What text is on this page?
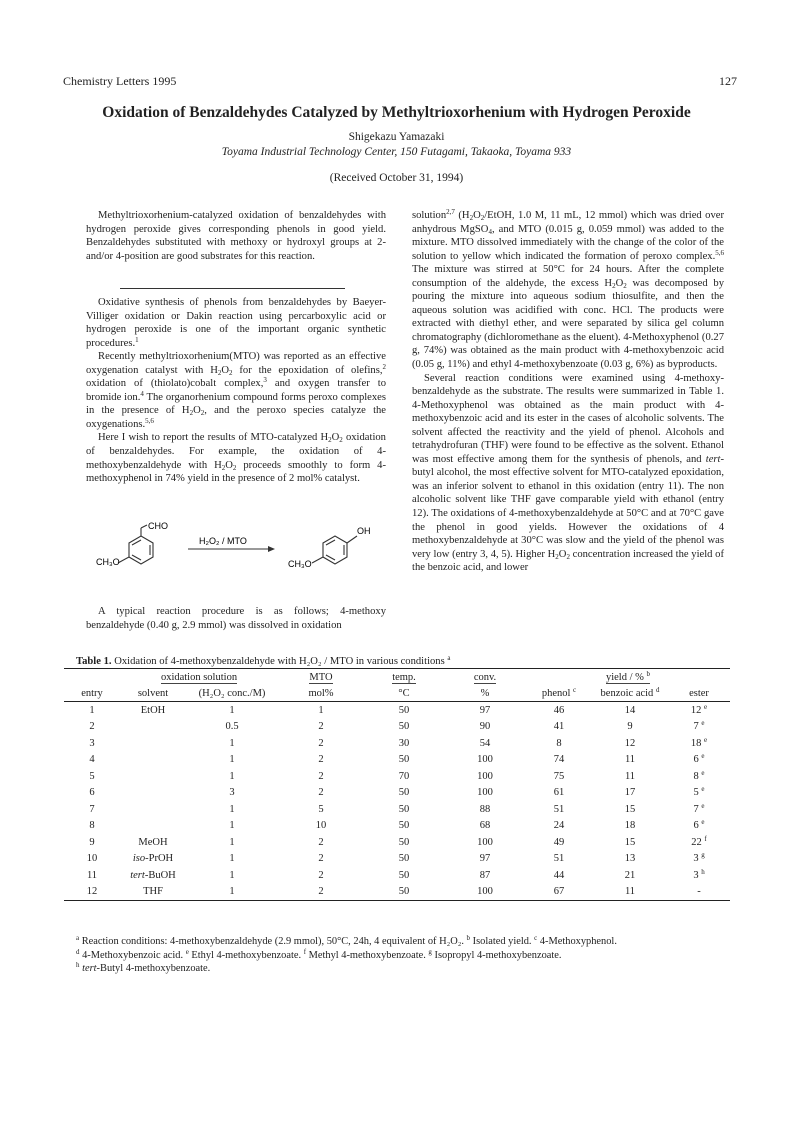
Chemistry Letters 1995	127
Oxidation of Benzaldehydes Catalyzed by Methyltrioxorhenium with Hydrogen Peroxide
Shigekazu Yamazaki
Toyama Industrial Technology Center, 150 Futagami, Takaoka, Toyama 933
(Received October 31, 1994)

Methyltrioxorhenium-catalyzed oxidation of benzaldehydes with hydrogen peroxide gives corresponding phenols in good yield. Benzaldehydes substituted with methoxy or hydroxyl groups at 2- and/or 4-position are good substrates for this reaction.

Oxidative synthesis of phenols from benzaldehydes by Baeyer-Villiger oxidation or Dakin reaction using percarboxylic acid or hydrogen peroxide is one of the important organic synthetic procedures.$^1$

Recently methyltrioxorhenium(MTO) was reported as an effective oxygenation catalyst with $H_2O_2$ for the epoxidation of olefins,$^2$ oxidation of (thiolato)cobalt complex,$^3$ and oxygen transfer to bromide ion.$^4$ The organorhenium compound forms peroxo complexes in the presence of $H_2O_2$, and the peroxo species catalyze the oxygenations.$^{5,6}$

Here I wish to report the results of MTO-catalyzed $H_2O_2$ oxidation of benzaldehydes. For example, the oxidation of 4-methoxybenzaldehyde with $H_2O_2$ proceeds smoothly to form 4-methoxyphenol in 74% yield in the presence of 2 mol% catalyst.

CHO
CH₃O
H₂O₂ / MTO
OH
CH₃O

A typical reaction procedure is as follows; 4-methoxy benzaldehyde (0.40 g, 2.9 mmol) was dissolved in oxidation

solution$^{2,7}$ ($H_2O_2$/EtOH, 1.0 M, 11 mL, 12 mmol) which was dried over anhydrous MgSO$_4$, and MTO (0.015 g, 0.059 mmol) was added to the mixture. MTO dissolved immediately with the change of the color of the solution to yellow which indicated the formation of peroxo complex.$^{5,6}$ The mixture was stirred at 50°C for 24 hours. After the complete consumption of the aldehyde, the excess $H_2O_2$ was decomposed by pouring the mixture into aqueous sodium thiosulfite, and then the aqueous solution was acidified with conc. HCl. The products were extracted with diethyl ether, and were separated by silica gel column chromatography (dichloromethane as the eluent). 4-Methoxyphenol (0.27 g, 74%) was obtained as the main product with 4-methoxybenzoic acid (0.05 g, 11%) and ethyl 4-methoxybenzoate (0.03 g, 6%) as byproducts.

Several reaction conditions were examined using 4-methoxy-benzaldehyde as the substrate. The results were summarized in Table 1. 4-Methoxyphenol was obtained as the main product with 4-methoxybenzoic acid and its ester in the cases of alcoholic solvents. The solvent affected the reactivity and the yield of phenol. Alcohols and tetrahydrofuran (THF) were found to be effective as the solvent. Ethanol was most effective among them for the synthesis of phenols, and tert-butyl alcohol, the most effective solvent for MTO-catalyzed epoxidation, was an inferior solvent to ethanol in this oxidation (entry 11). The non alcoholic solvent like THF gave comparable yield with ethanol (entry 12). The oxidations of 4-methoxybenzaldehyde at 50°C and at 70°C gave the phenol in good yields. However the oxidations of 4 methoxybenzaldehyde at 30°C was slow and the yield of the phenol was very low (entry 3, 4, 5). Higher $H_2O_2$ concentration increased the yield of the benzoic acid, and lower

Table 1. Oxidation of 4-methoxybenzaldehyde with H₂O₂ / MTO in various conditions $^a$
	oxidation solution		MTO	temp.	conv.	yield / % $^b$
entry	solvent	(H₂O₂ conc./M)	mol%	°C	%	phenol $^c$	benzoic acid $^d$	ester
1	EtOH	1	1	50	97	46	14	12 $^e$
2		0.5	2	50	90	41	9	7 $^e$
3		1	2	30	54	8	12	18 $^e$
4		1	2	50	100	74	11	6 $^e$
5		1	2	70	100	75	11	8 $^e$
6		3	2	50	100	61	17	5 $^e$
7		1	5	50	88	51	15	7 $^e$
8		1	10	50	68	24	18	6 $^e$
9	MeOH	1	2	50	100	49	15	22 $^f$
10	iso-PrOH	1	2	50	97	51	13	3 $^g$
11	tert-BuOH	1	2	50	87	44	21	3 $^h$
12	THF	1	2	50	100	67	11	-

$^a$ Reaction conditions: 4-methoxybenzaldehyde (2.9 mmol), 50°C, 24h, 4 equivalent of H₂O₂. $^b$ Isolated yield. $^c$ 4-Methoxyphenol.

$^d$ 4-Methoxybenzoic acid. $^e$ Ethyl 4-methoxybenzoate. $^f$ Methyl 4-methoxybenzoate. $^g$ Isopropyl 4-methoxybenzoate.

$^h$ tert-Butyl 4-methoxybenzoate.
